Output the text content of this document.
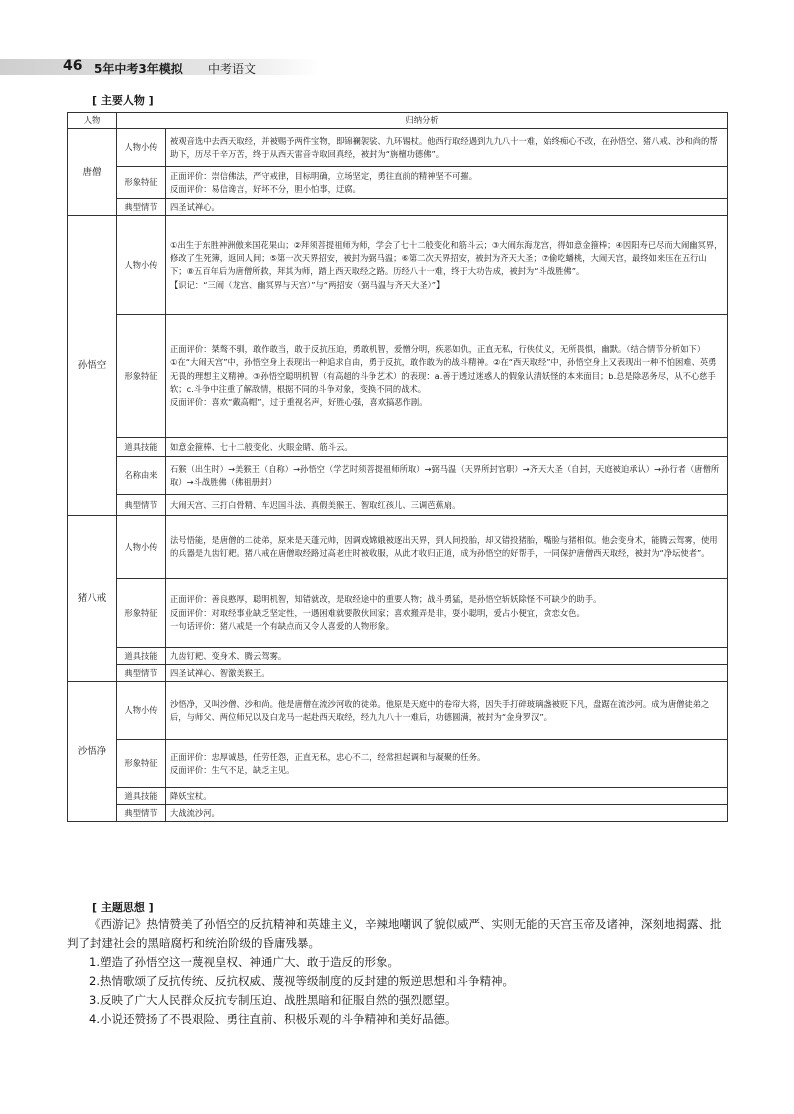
46 5年中考3年模拟 中考语文
[ 主要人物 ]
人物	归纳分析	
唐僧	人物小传	被观音选中去西天取经，并被赐予两件宝物，即锦襕袈裟、九环锡杖。他西行取经遇到九九八十一难，始终痴心不改，在孙悟空、猪八戒、沙和尚的帮助下，历尽千辛万苦，终于从西天雷音寺取回真经，被封为“旃檀功德佛”。
	形象特征	正面评价：崇信佛法，严守戒律，目标明确，立场坚定，勇往直前的精神坚不可摧。
反面评价：易信谗言，好坏不分，胆小怕事，迂腐。
	典型情节	四圣试禅心。
孙悟空	人物小传	①出生于东胜神洲傲来国花果山；②拜须菩提祖师为师，学会了七十二般变化和筋斗云；③大闹东海龙宫，得如意金箍棒；④因阳寿已尽而大闹幽冥界，修改了生死簿，返回人间；⑤第一次天界招安，被封为弼马温；⑥第二次天界招安，被封为齐天大圣；⑦偷吃蟠桃，大闹天宫，最终如来压在五行山下；⑧五百年后为唐僧所救，拜其为师，踏上西天取经之路。历经八十一难，终于大功告成，被封为“斗战胜佛”。
【识记：“三闹（龙宫、幽冥界与天宫）”与“两招安（弼马温与齐天大圣）”】
	形象特征	正面评价：桀骜不驯，敢作敢当，敢于反抗压迫，勇敢机智，爱憎分明，疾恶如仇，正直无私，行侠仗义，无所畏惧，幽默。（结合情节分析如下）
①在“大闹天宫”中，孙悟空身上表现出一种追求自由，勇于反抗，敢作敢为的战斗精神。②在“西天取经”中，孙悟空身上又表现出一种不怕困难、英勇无畏的理想主义精神。③孙悟空聪明机智（有高超的斗争艺术）的表现：a.善于透过迷惑人的假象认清妖怪的本来面目；b.总是除恶务尽，从不心慈手软；c.斗争中注重了解敌情，根据不同的斗争对象，变换不同的战术。
反面评价：喜欢“戴高帽”，过于重视名声，好胜心强，喜欢搞恶作剧。
	道具技能	如意金箍棒、七十二般变化、火眼金睛、筋斗云。
	名称由来	石猴（出生时）→美猴王（自称）→孙悟空（学艺时须菩提祖师所取）→弼马温（天界所封官职）→齐天大圣（自封，天庭被迫承认）→孙行者（唐僧所取）→斗战胜佛（佛祖册封）
	典型情节	大闹天宫、三打白骨精、车迟国斗法、真假美猴王、智取红孩儿、三调芭蕉扇。
猪八戒	人物小传	法号悟能，是唐僧的二徒弟，原来是天蓬元帅，因调戏嫦娥被逐出天界，到人间投胎，却又错投猪胎，嘴脸与猪相似。他会变身术，能腾云驾雾，使用的兵器是九齿钉耙。猪八戒在唐僧取经路过高老庄时被收服，从此才收归正道，成为孙悟空的好帮手，一同保护唐僧西天取经，被封为“净坛使者”。
	形象特征	正面评价：善良憨厚，聪明机智，知错就改，是取经途中的重要人物；战斗勇猛，是孙悟空斩妖除怪不可缺少的助手。
反面评价：对取经事业缺乏坚定性，一遇困难就要散伙回家；喜欢搬弄是非，耍小聪明，爱占小便宜，贪恋女色。
一句话评价：猪八戒是一个有缺点而又令人喜爱的人物形象。
	道具技能	九齿钉耙、变身术、腾云驾雾。
	典型情节	四圣试禅心、智激美猴王。
沙悟净	人物小传	沙悟净，又叫沙僧、沙和尚。他是唐僧在流沙河收的徒弟。他原是天庭中的卷帘大将，因失手打碎玻璃盏被贬下凡，盘踞在流沙河。成为唐僧徒弟之后，与师父、两位师兄以及白龙马一起赴西天取经，经九九八十一难后，功德圆满，被封为“金身罗汉”。
	形象特征	正面评价：忠厚诚恳，任劳任怨，正直无私，忠心不二，经常担起调和与凝聚的任务。
反面评价：生气不足，缺乏主见。
	道具技能	降妖宝杖。
	典型情节	大战流沙河。
[ 主题思想 ]

《西游记》热情赞美了孙悟空的反抗精神和英雄主义，辛辣地嘲讽了貌似威严、实则无能的天宫玉帝及诸神，深刻地揭露、批判了封建社会的黑暗腐朽和统治阶级的昏庸残暴。

1.塑造了孙悟空这一蔑视皇权、神通广大、敢于造反的形象。

2.热情歌颂了反抗传统、反抗权威、蔑视等级制度的反封建的叛逆思想和斗争精神。

3.反映了广大人民群众反抗专制压迫、战胜黑暗和征服自然的强烈愿望。

4.小说还赞扬了不畏艰险、勇往直前、积极乐观的斗争精神和美好品德。
